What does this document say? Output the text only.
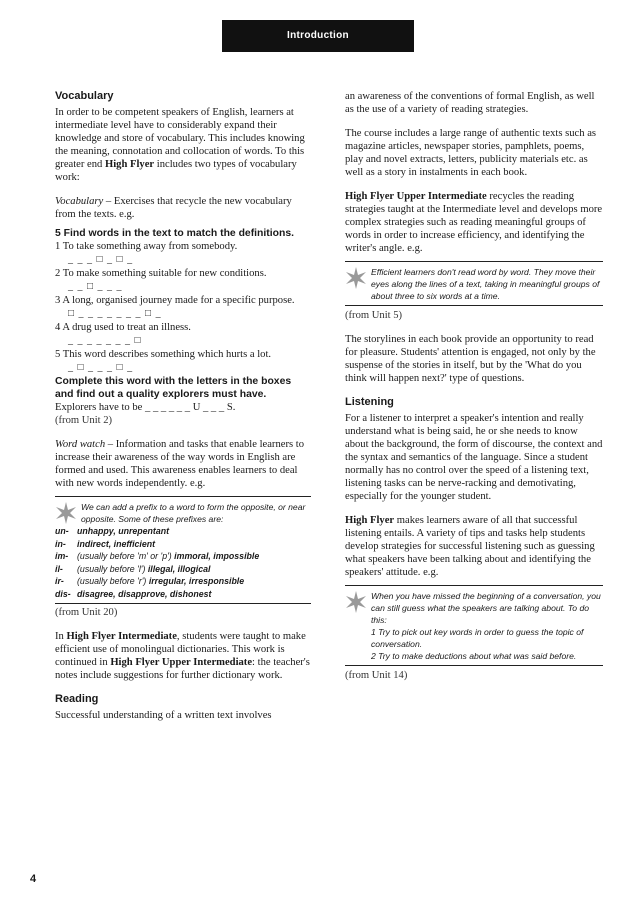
Introduction

Vocabulary

In order to be competent speakers of English, learners at intermediate level have to considerably expand their knowledge and store of vocabulary. This includes knowing the meaning, connotation and collocation of words. To this greater end High Flyer includes two types of vocabulary work:

Vocabulary – Exercises that recycle the new vocabulary from the texts. e.g.

5 Find words in the text to match the definitions.

1 To take something away from somebody.

_ _ _ □ _ □ _

2 To make something suitable for new conditions.

_ _ □ _ _ _

3 A long, organised journey made for a specific purpose.

□ _ _ _ _ _ _ _ □ _

4 A drug used to treat an illness.

_ _ _ _ _ _ _ □

5 This word describes something which hurts a lot.

_ □ _ _ _ □ _

Complete this word with the letters in the boxes and find out a quality explorers must have.

Explorers have to be _ _ _ _ _ _ U _ _ _ S.

(from Unit 2)

Word watch – Information and tasks that enable learners to increase their awareness of the way words in English are formed and used. This awareness enables learners to deal with new words independently. e.g.

We can add a prefix to a word to form the opposite, or near opposite. Some of these prefixes are:
un- unhappy, unrepentant
in-	indirect, inefficient
im- (usually before 'm' or 'p') immoral, impossible
il-	(usually before 'l') illegal, illogical
ir-	(usually before 'r') irregular, irresponsible
dis- disagree, disapprove, dishonest

(from Unit 20)

In High Flyer Intermediate, students were taught to make efficient use of monolingual dictionaries. This work is continued in High Flyer Upper Intermediate: the teacher's notes include suggestions for further dictionary work.

Reading

Successful understanding of a written text involves

an awareness of the conventions of formal English, as well as the use of a variety of reading strategies.

The course includes a large range of authentic texts such as magazine articles, newspaper stories, pamphlets, poems, play and novel extracts, letters, publicity materials etc. as well as a story in instalments in each book.

High Flyer Upper Intermediate recycles the reading strategies taught at the Intermediate level and develops more complex strategies such as reading meaningful groups of words in order to increase efficiency, and identifying the writer's angle. e.g.

Efficient learners don't read word by word. They move their eyes along the lines of a text, taking in meaningful groups of about three to six words at a time.

(from Unit 5)

The storylines in each book provide an opportunity to read for pleasure. Students' attention is engaged, not only by the suspense of the stories in itself, but by the 'What do you think will happen next?' type of questions.

Listening

For a listener to interpret a speaker's intention and really understand what is being said, he or she needs to know about the background, the form of discourse, the context and the syntax and semantics of the language. Since a student normally has no control over the speed of a listening text, listening tasks can be nerve-racking and demotivating, especially for the younger student.

High Flyer makes learners aware of all that successful listening entails. A variety of tips and tasks help students develop strategies for successful listening such as guessing what speakers have been talking about and identifying the speakers' attitude. e.g.

When you have missed the beginning of a conversation, you can still guess what the speakers are talking about. To do this:
1 Try to pick out key words in order to guess the topic of conversation.
2 Try to make deductions about what was said before.

(from Unit 14)

4
